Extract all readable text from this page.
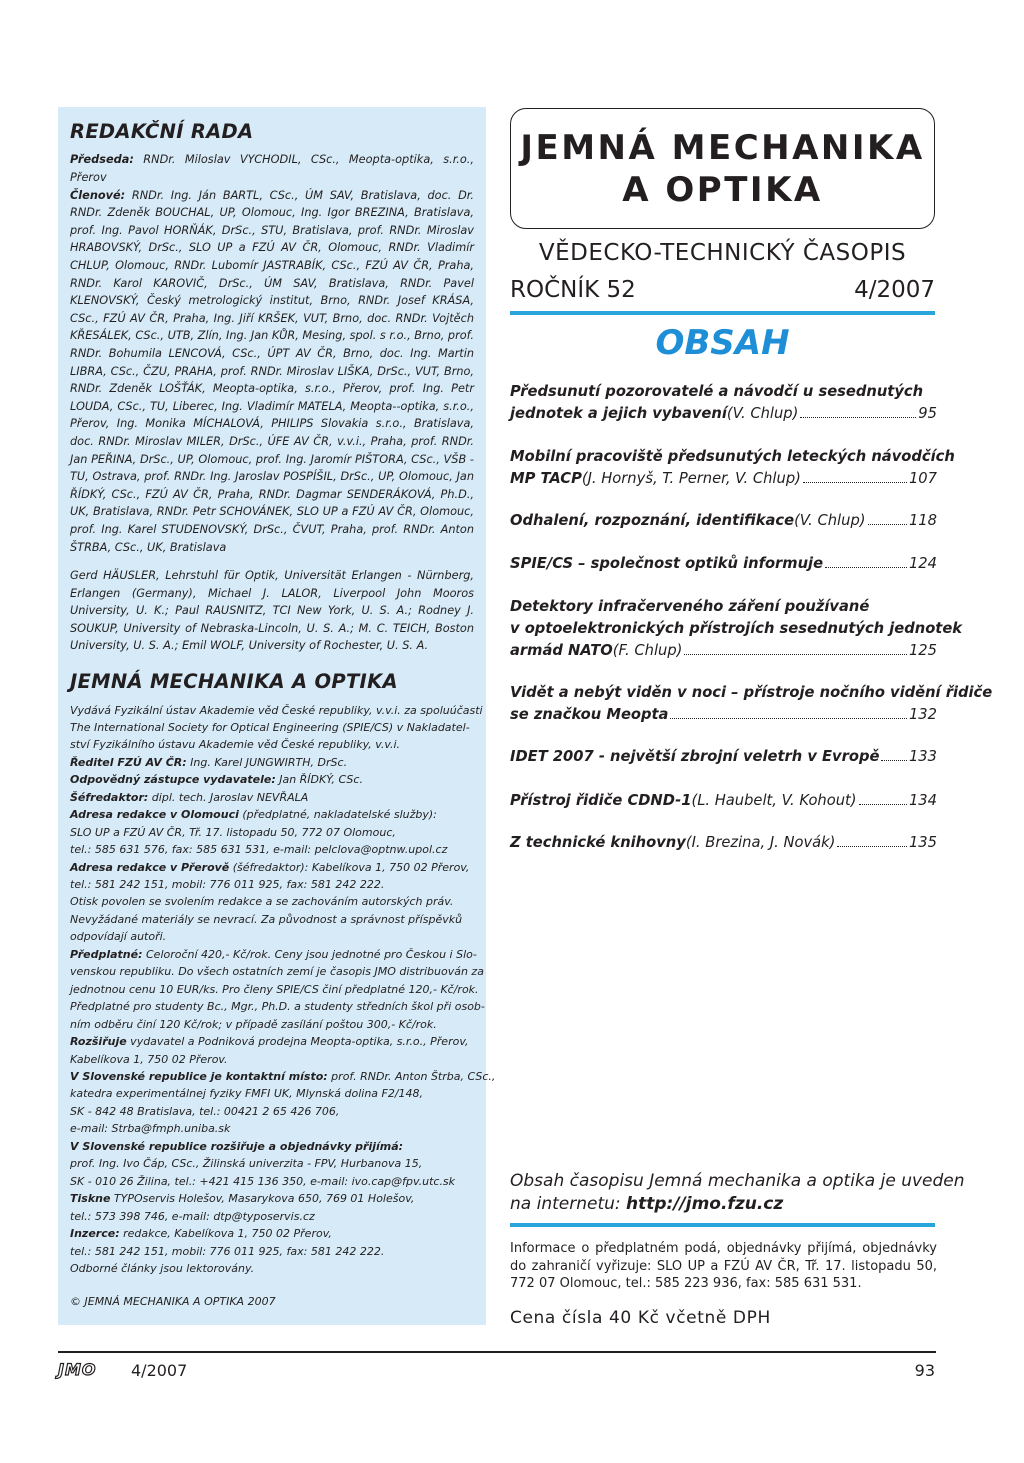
REDAKČNÍ RADA

Předseda: RNDr. Miloslav VYCHODIL, CSc., Meopta-optika, s.r.o., Přerov
Členové: RNDr. Ing. Ján BARTL, CSc., ÚM SAV, Bratislava, doc. Dr. RNDr. Zdeněk BOUCHAL, UP, Olomouc, Ing. Igor BREZINA, Bratislava, prof. Ing. Pavol HORŇÁK, DrSc., STU, Bratislava, prof. RNDr. Miroslav HRABOVSKÝ, DrSc., SLO UP a FZÚ AV ČR, Olomouc, RNDr. Vladimír CHLUP, Olomouc, RNDr. Lubomír JASTRABÍK, CSc., FZÚ AV ČR, Praha, RNDr. Karol KAROVIČ, DrSc., ÚM SAV, Bratislava, RNDr. Pavel KLENOVSKÝ, Český metrologický institut, Brno, RNDr. Josef KRÁSA, CSc., FZÚ AV ČR, Praha, Ing. Jiří KRŠEK, VUT, Brno, doc. RNDr. Vojtěch KŘESÁLEK, CSc., UTB, Zlín, Ing. Jan KŮR, Mesing, spol. s r.o., Brno, prof. RNDr. Bohumila LENCOVÁ, CSc., ÚPT AV ČR, Brno, doc. Ing. Martin LIBRA, CSc., ČZU, PRAHA, prof. RNDr. Miroslav LIŠKA, DrSc., VUT, Brno, RNDr. Zdeněk LOŠŤÁK, Meopta-optika, s.r.o., Přerov, prof. Ing. Petr LOUDA, CSc., TU, Liberec, Ing. Vladimír MATELA, Meopta--optika, s.r.o., Přerov, Ing. Monika MÍCHALOVÁ, PHILIPS Slovakia s.r.o., Bratislava, doc. RNDr. Miroslav MILER, DrSc., ÚFE AV ČR, v.v.i., Praha, prof. RNDr. Jan PEŘINA, DrSc., UP, Olomouc, prof. Ing. Jaromír PIŠTORA, CSc., VŠB - TU, Ostrava, prof. RNDr. Ing. Jaroslav POSPÍŠIL, DrSc., UP, Olomouc, Jan ŘÍDKÝ, CSc., FZÚ AV ČR, Praha, RNDr. Dagmar SENDERÁKOVÁ, Ph.D., UK, Bratislava, RNDr. Petr SCHOVÁNEK, SLO UP a FZÚ AV ČR, Olomouc, prof. Ing. Karel STUDENOVSKÝ, DrSc., ČVUT, Praha, prof. RNDr. Anton ŠTRBA, CSc., UK, Bratislava

Gerd HÄUSLER, Lehrstuhl für Optik, Universität Erlangen - Nürnberg, Erlangen (Germany), Michael J. LALOR, Liverpool John Mooros University, U. K.; Paul RAUSNITZ, TCI New York, U. S. A.; Rodney J. SOUKUP, University of Nebraska-Lincoln, U. S. A.; M. C. TEICH, Boston University, U. S. A.; Emil WOLF, University of Rochester, U. S. A.

JEMNÁ MECHANIKA A OPTIKA
Vydává Fyzikální ústav Akademie věd České republiky, v.v.i. za spoluúčasti
The International Society for Optical Engineering (SPIE/CS) v Nakladatel-
ství Fyzikálního ústavu Akademie věd České republiky, v.v.i.
Ředitel FZÚ AV ČR: Ing. Karel JUNGWIRTH, DrSc.
Odpovědný zástupce vydavatele: Jan ŘÍDKÝ, CSc.
Šéfredaktor: dipl. tech. Jaroslav NEVŘALA
Adresa redakce v Olomouci (předplatné, nakladatelské služby):
SLO UP a FZÚ AV ČR, Tř. 17. listopadu 50, 772 07 Olomouc,
tel.: 585 631 576, fax: 585 631 531, e-mail: pelclova@optnw.upol.cz
Adresa redakce v Přerově (šéfredaktor): Kabelíkova 1, 750 02 Přerov,
tel.: 581 242 151, mobil: 776 011 925, fax: 581 242 222.
Otisk povolen se svolením redakce a se zachováním autorských práv.
Nevyžádané materiály se nevrací. Za původnost a správnost příspěvků
odpovídají autoři.
Předplatné: Celoroční 420,- Kč/rok. Ceny jsou jednotné pro Českou i Slo-
venskou republiku. Do všech ostatních zemí je časopis JMO distribuován za
jednotnou cenu 10 EUR/ks. Pro členy SPIE/CS činí předplatné 120,- Kč/rok.
Předplatné pro studenty Bc., Mgr., Ph.D. a studenty středních škol při osob-
ním odběru činí 120 Kč/rok; v případě zasílání poštou 300,- Kč/rok.
Rozšiřuje vydavatel a Podniková prodejna Meopta-optika, s.r.o., Přerov,
Kabelíkova 1, 750 02 Přerov.
V Slovenské republice je kontaktní místo: prof. RNDr. Anton Štrba, CSc.,
katedra experimentálnej fyziky FMFI UK, Mlynská dolina F2/148,
SK - 842 48 Bratislava, tel.: 00421 2 65 426 706,
e-mail: Strba@fmph.uniba.sk
V Slovenské republice rozšiřuje a objednávky přijímá:
prof. Ing. Ivo Čáp, CSc., Žilinská univerzita - FPV, Hurbanova 15,
SK - 010 26 Žilina, tel.: +421 415 136 350, e-mail: ivo.cap@fpv.utc.sk
Tiskne TYPOservis Holešov, Masarykova 650, 769 01 Holešov,
tel.: 573 398 746, e-mail: dtp@typoservis.cz
Inzerce: redakce, Kabelíkova 1, 750 02 Přerov,
tel.: 581 242 151, mobil: 776 011 925, fax: 581 242 222.
Odborné články jsou lektorovány.
© JEMNÁ MECHANIKA A OPTIKA 2007
JEMNÁ MECHANIKA
A OPTIKA
VĚDECKO-TECHNICKÝ ČASOPIS
ROČNÍK 52	4/2007
OBSAH
Obsah časopisu Jemná mechanika a optika je uveden
na internetu: http://jmo.fzu.cz
Informace o předplatném podá, objednávky přijímá, objednávky do zahraničí vyřizuje: SLO UP a FZÚ AV ČR, Tř. 17. listopadu 50, 772 07 Olomouc, tel.: 585 223 936, fax: 585 631 531.
Cena čísla 40 Kč včetně DPH
JMO 4/2007	93
Předsunutí pozorovatelé a návodčí u sesednutých
jednotek a jejich vybavení (V. Chlup)	95
Mobilní pracoviště předsunutých leteckých návodčích
MP TACP (J. Hornyš, T. Perner, V. Chlup)	107
Odhalení, rozpoznání, identifikace (V. Chlup)	118
SPIE/CS – společnost optiků informuje	124
Detektory infračerveného záření používané
v optoelektronických přístrojích sesednutých jednotek
armád NATO (F. Chlup)	125
Vidět a nebýt viděn v noci – přístroje nočního vidění řidiče
se značkou Meopta	132
IDET 2007 - největší zbrojní veletrh v Evropě 133
Přístroj řidiče CDND-1 (L. Haubelt, V. Kohout)	134
Z technické knihovny (I. Brezina, J. Novák)	135
